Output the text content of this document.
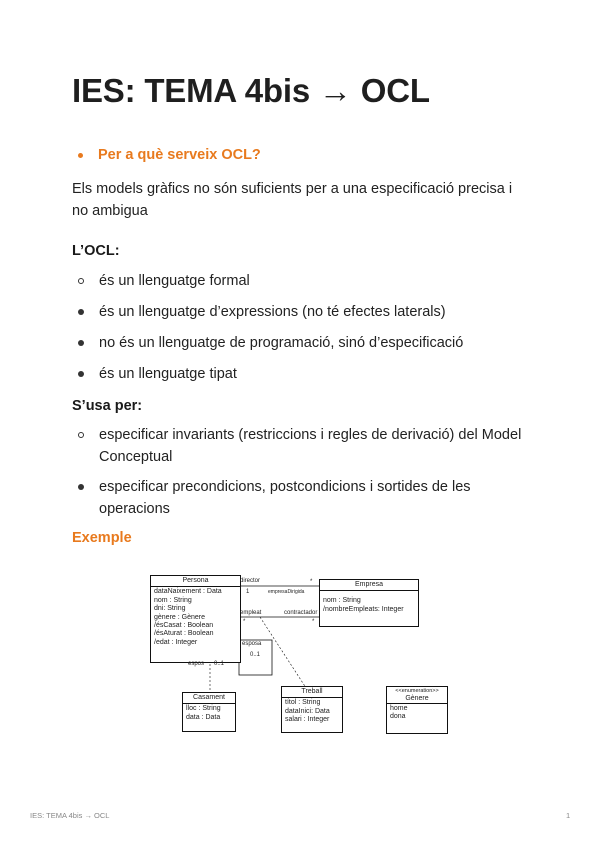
IES: TEMA 4bis → OCL
Per a què serveix OCL?
Els models gràfics no són suficients per a una especificació precisa i no ambigua
L’OCL:
és un llenguatge formal
és un llenguatge d’expressions (no té efectes laterals)
no és un llenguatge de programació, sinó d’especificació
és un llenguatge tipat
S’usa per:
especificar invariants (restriccions i regles de derivació) del Model Conceptual
especificar precondicions, postcondicions i sortides de les operacions
Exemple
Persona
dataNaixement : Data
nom : String
dni: String
gènere : Gènere
/ésCasat : Boolean
/ésAturat : Boolean
/edat : Integer
Empresa
nom : String
/nombreEmpleats: Integer
Casament
lloc : String
data : Data
Treball
títol : String
dataInici: Data
salari : Integer
<<enumeration>>
Gènere
home
dona
director
1
*
empresaDirigida
empleat
*
contractador
*
esposa
0..1
espos 0..1
IES: TEMA 4bis → OCL	1
